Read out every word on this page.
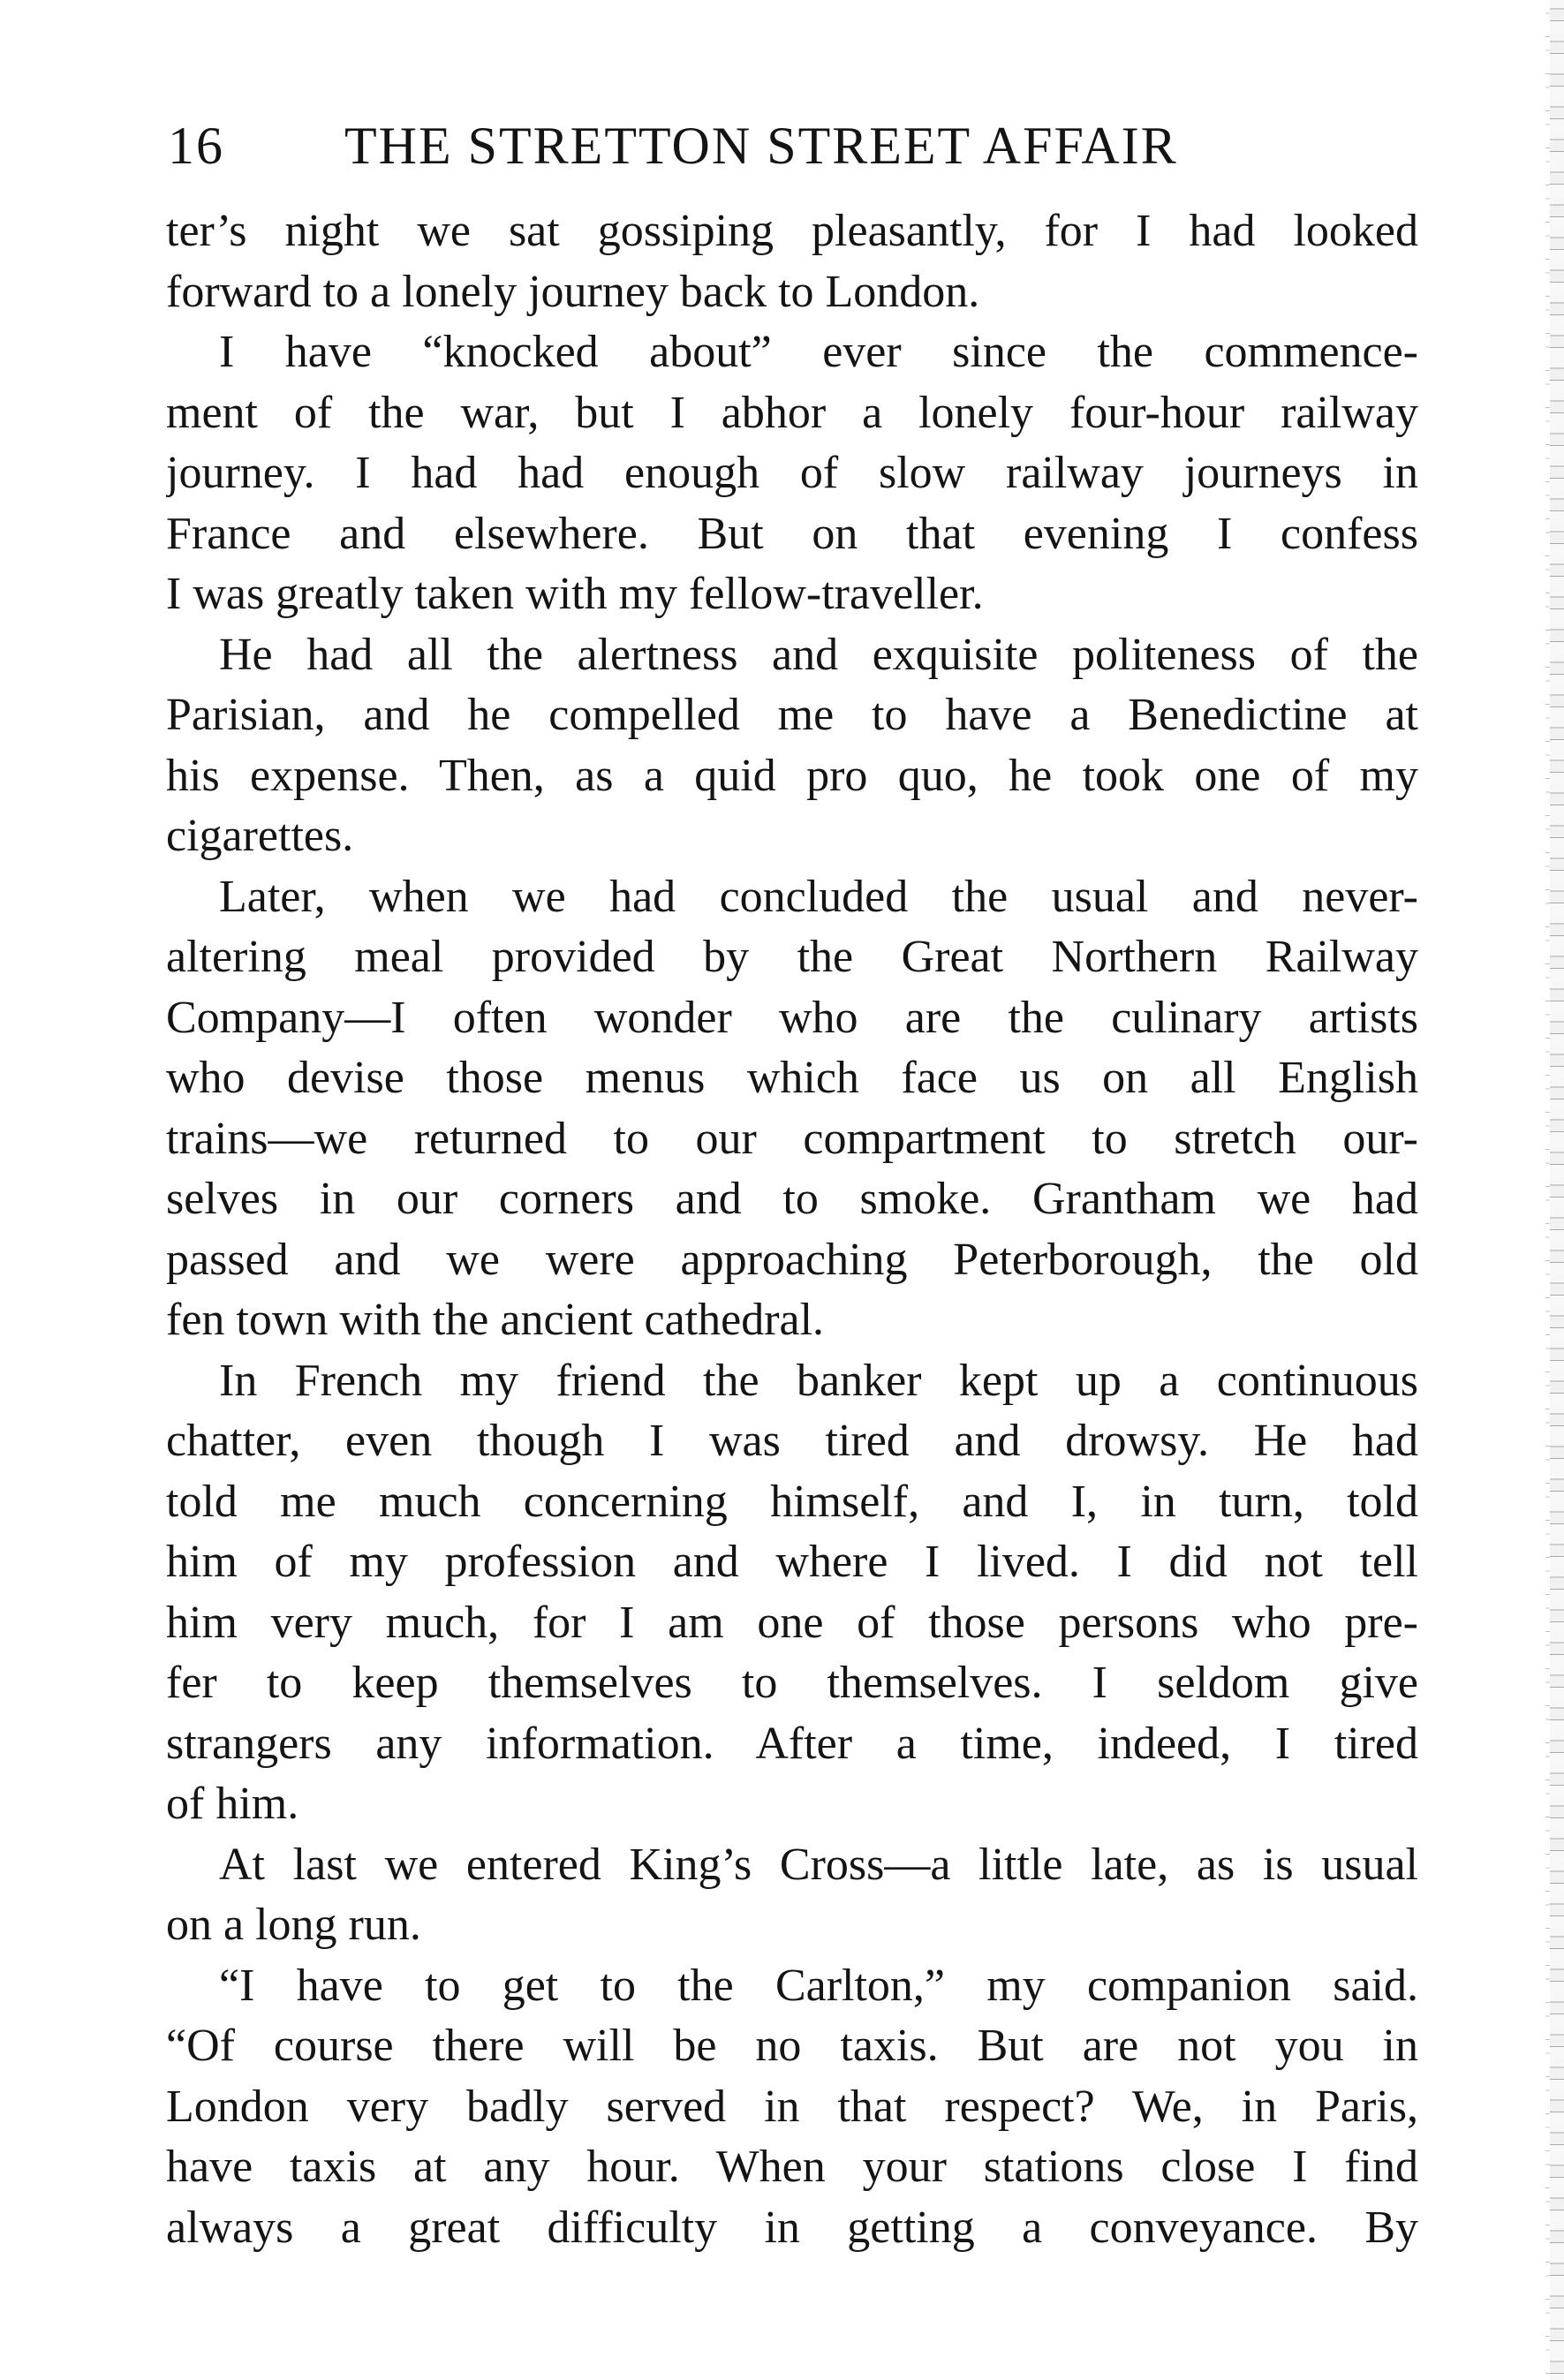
16 THE STRETTON STREET AFFAIR
ter’s night we sat gossiping pleasantly, for I had looked
forward to a lonely journey back to London.
I have “knocked about” ever since the commence-
ment of the war, but I abhor a lonely four-hour railway
journey. I had had enough of slow railway journeys in
France and elsewhere. But on that evening I confess
I was greatly taken with my fellow-traveller.
He had all the alertness and exquisite politeness of the
Parisian, and he compelled me to have a Benedictine at
his expense. Then, as a quid pro quo, he took one of my
cigarettes.
Later, when we had concluded the usual and never-
altering meal provided by the Great Northern Railway
Company—I often wonder who are the culinary artists
who devise those menus which face us on all English
trains—we returned to our compartment to stretch our-
selves in our corners and to smoke. Grantham we had
passed and we were approaching Peterborough, the old
fen town with the ancient cathedral.
In French my friend the banker kept up a continuous
chatter, even though I was tired and drowsy. He had
told me much concerning himself, and I, in turn, told
him of my profession and where I lived. I did not tell
him very much, for I am one of those persons who pre-
fer to keep themselves to themselves. I seldom give
strangers any information. After a time, indeed, I tired
of him.
At last we entered King’s Cross—a little late, as is usual
on a long run.
“I have to get to the Carlton,” my companion said.
“Of course there will be no taxis. But are not you in
London very badly served in that respect? We, in Paris,
have taxis at any hour. When your stations close I find
always a great difficulty in getting a conveyance. By
